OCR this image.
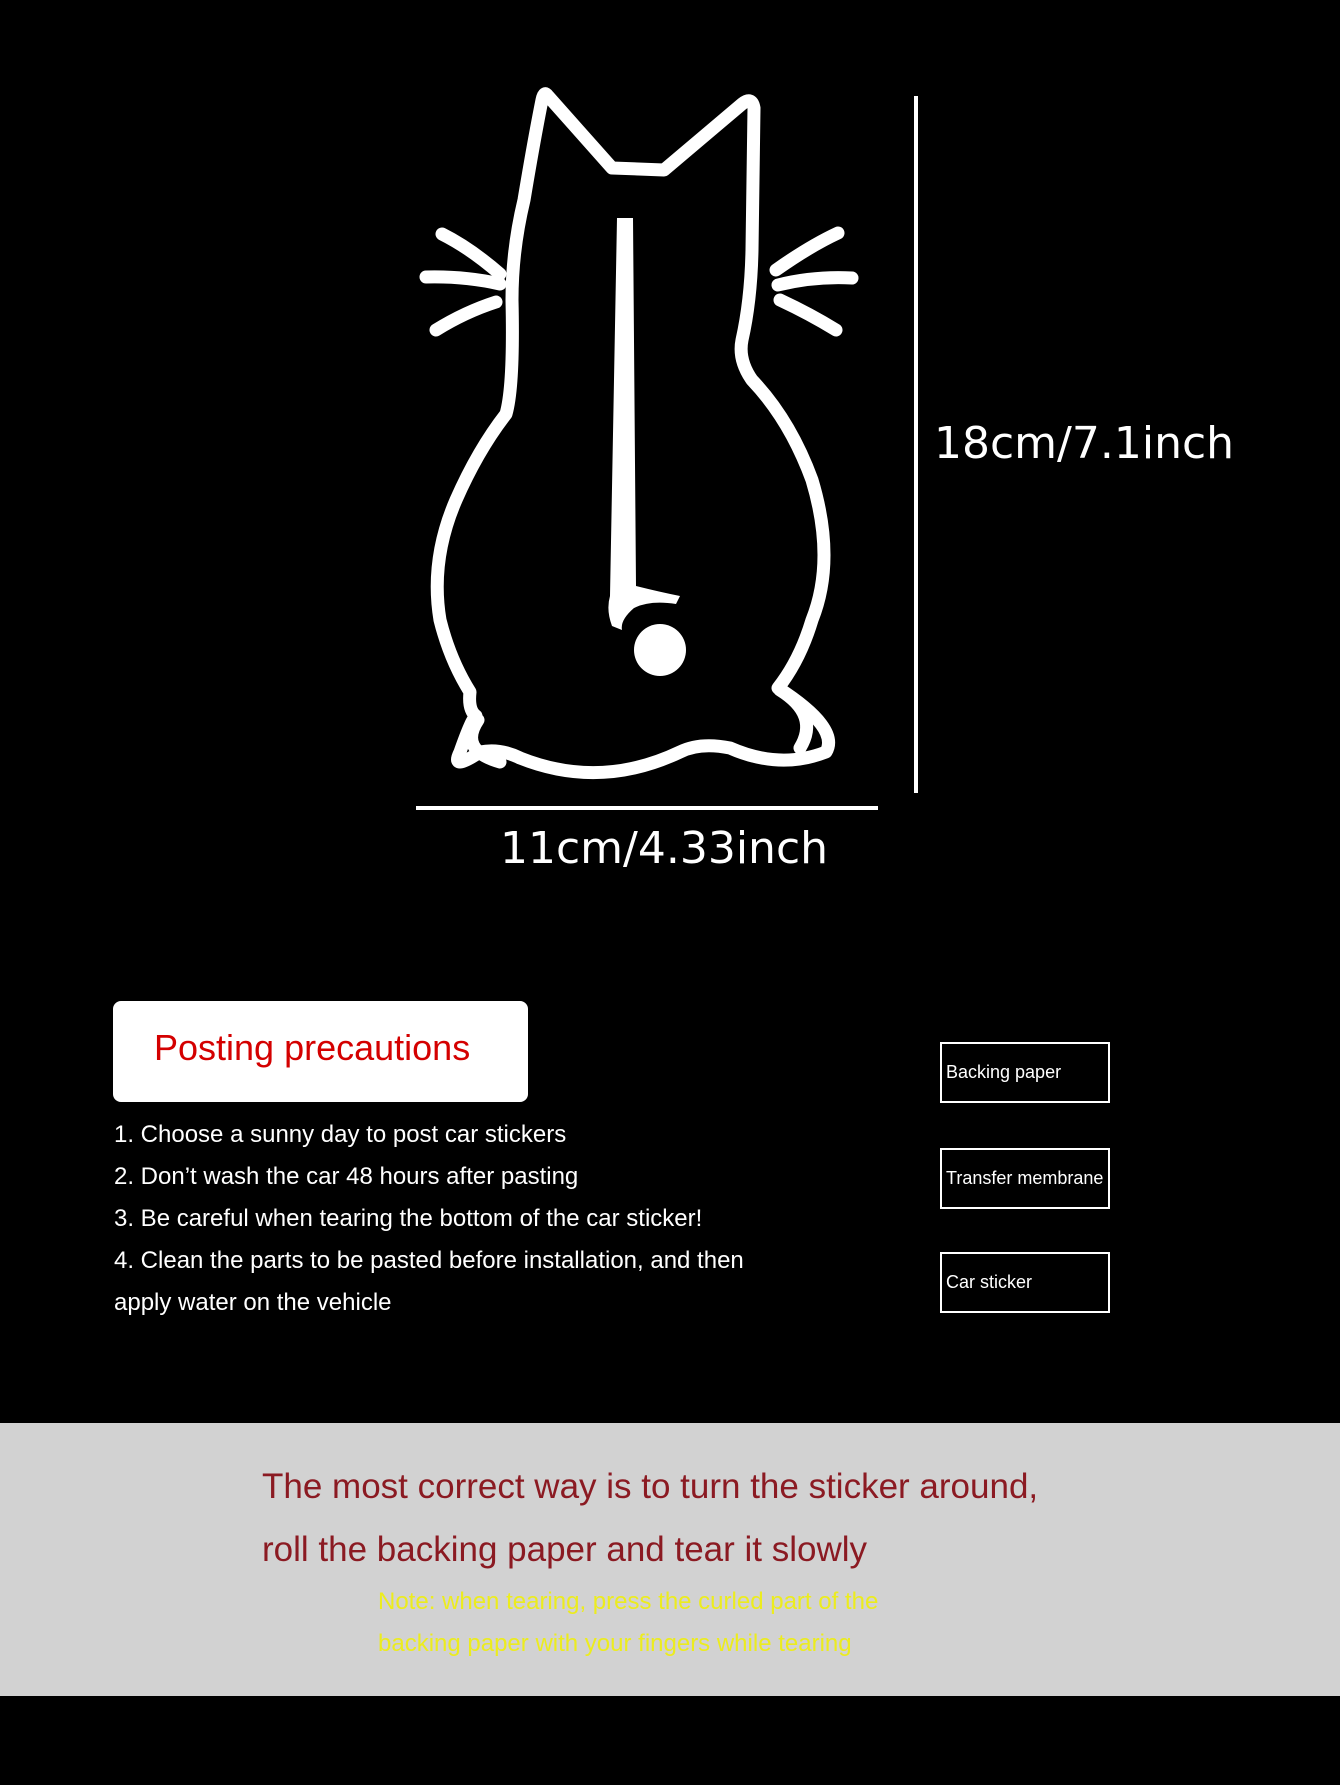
18cm/7.1inch
11cm/4.33inch
Posting precautions
1. Choose a sunny day to post car stickers
2. Don’t wash the car 48 hours after pasting
3. Be careful when tearing the bottom of the car sticker!
4. Clean the parts to be pasted before installation, and then
apply water on the vehicle
Backing paper
Transfer membrane
Car sticker
The most correct way is to turn the sticker around,
roll the backing paper and tear it slowly
Note: when tearing, press the curled part of the
backing paper with your fingers while tearing
